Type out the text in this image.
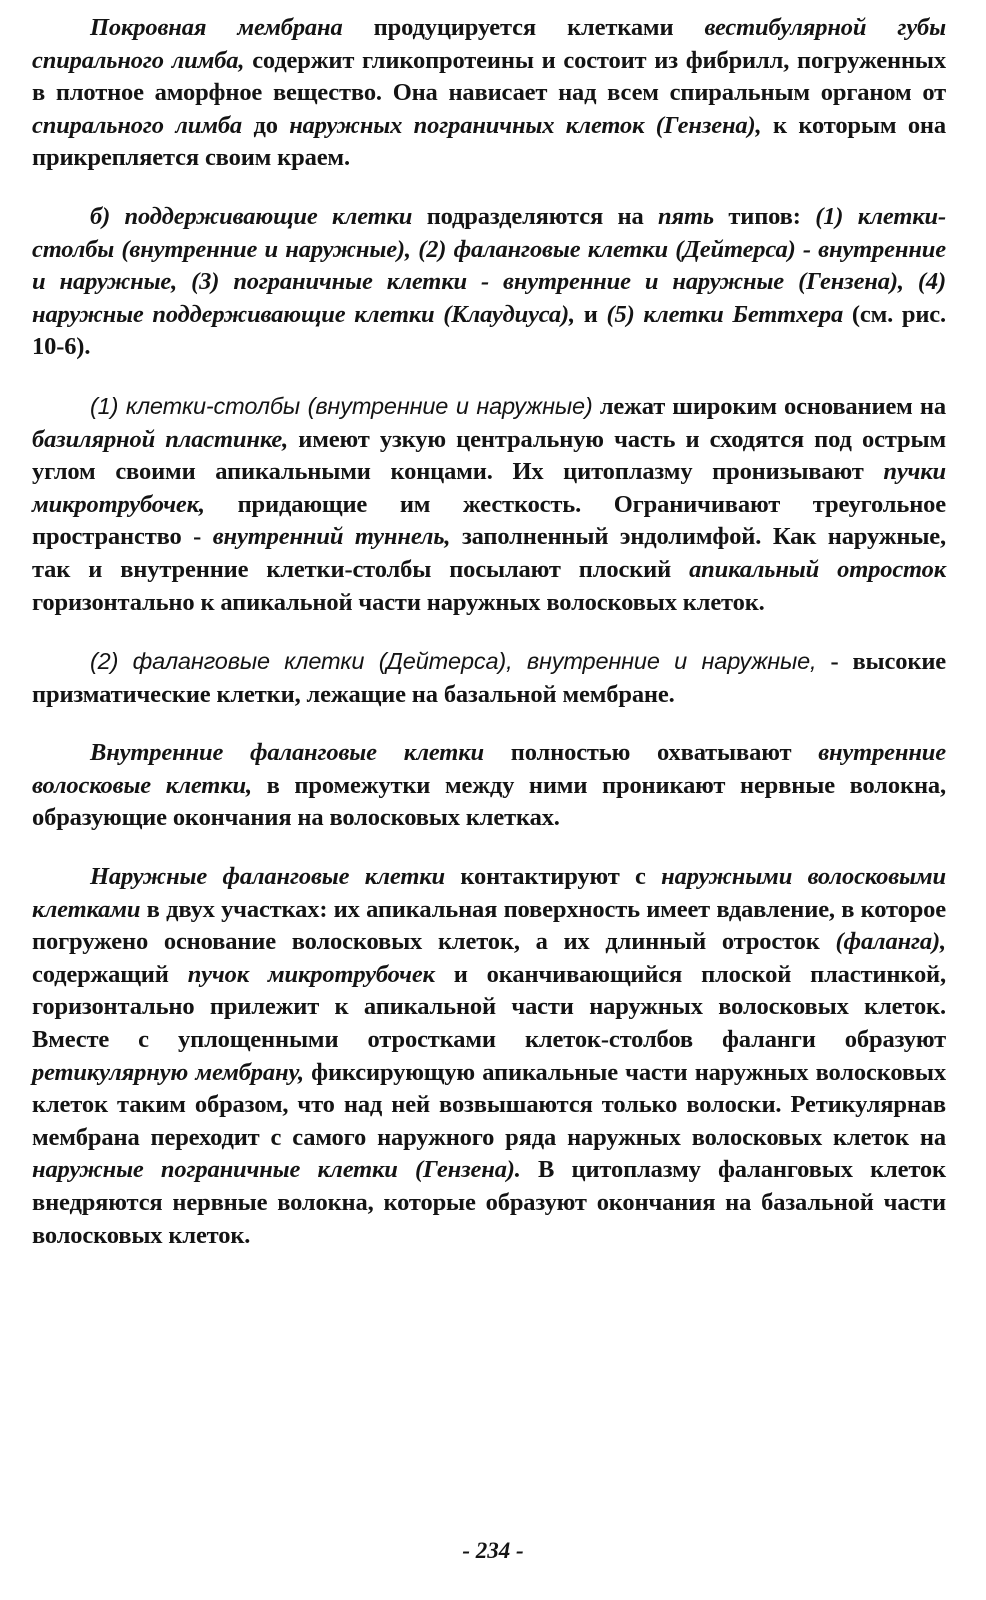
Покровная мембрана продуцируется клетками вестибулярной губы спирального лимба, содержит гликопротеины и состоит из фибрилл, погруженных в плотное аморфное вещество. Она нависает над всем спиральным органом от спирального лимба до наружных пограничных клеток (Гензена), к которым она прикрепляется своим краем.

б) поддерживающие клетки подразделяются на пять типов: (1) клетки-столбы (внутренние и наружные), (2) фаланговые клетки (Дейтерса) - внутренние и наружные, (3) пограничные клетки - внутренние и наружные (Гензена), (4) наружные поддерживающие клетки (Клаудиуса), и (5) клетки Беттхера (см. рис. 10-6).

(1) клетки-столбы (внутренние и наружные) лежат широким основанием на базилярной пластинке, имеют узкую центральную часть и сходятся под острым углом своими апикальными концами. Их цитоплазму пронизывают пучки микротрубочек, придающие им жесткость. Ограничивают треугольное пространство - внутренний туннель, заполненный эндолимфой. Как наружные, так и внутренние клетки-столбы посылают плоский апикальный отросток горизонтально к апикальной части наружных волосковых клеток.

(2) фаланговые клетки (Дейтерса), внутренние и наружные, - высокие призматические клетки, лежащие на базальной мембране.

Внутренние фаланговые клетки полностью охватывают внутренние волосковые клетки, в промежутки между ними проникают нервные волокна, образующие окончания на волосковых клетках.

Наружные фаланговые клетки контактируют с наружными волосковыми клетками в двух участках: их апикальная поверхность имеет вдавление, в которое погружено основание волосковых клеток, а их длинный отросток (фаланга), содержащий пучок микротрубочек и оканчивающийся плоской пластинкой, горизонтально прилежит к апикальной части наружных волосковых клеток. Вместе с уплощенными отростками клеток-столбов фаланги образуют ретикулярную мембрану, фиксирующую апикальные части наружных волосковых клеток таким образом, что над ней возвышаются только волоски. Ретикулярнав мембрана переходит с самого наружного ряда наружных волосковых клеток на наружные пограничные клетки (Гензена). В цитоплазму фаланговых клеток внедряются нервные волокна, которые образуют окончания на базальной части волосковых клеток.

- 234 -
